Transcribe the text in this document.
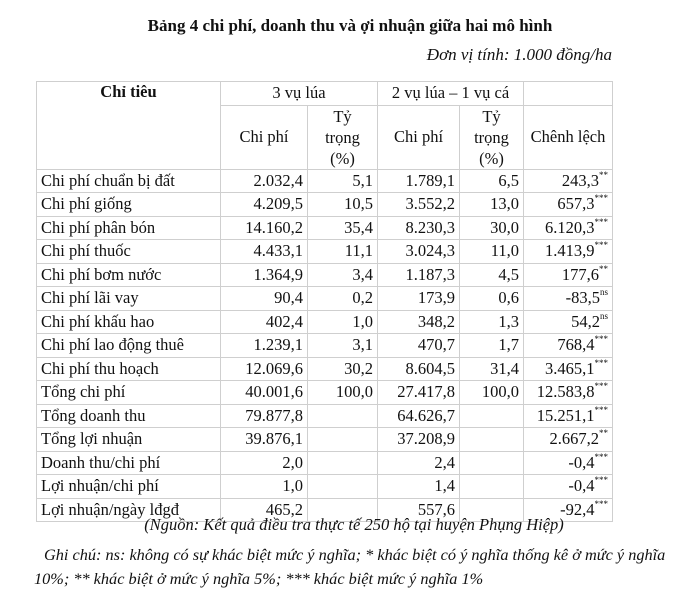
Bảng 4 chi phí, doanh thu và ợi nhuận giữa hai mô hình
Đơn vị tính: 1.000 đồng/ha
Chỉ tiêu	3 vụ lúa		2 vụ lúa – 1 vụ cá		
	Chi phí	Tỷ
trọng
(%)	Chi phí	Tỷ
trọng
(%)	Chênh lệch
Chi phí chuẩn bị đất	2.032,4	5,1	1.789,1	6,5	243,3**
Chi phí giống	4.209,5	10,5	3.552,2	13,0	657,3***
Chi phí phân bón	14.160,2	35,4	8.230,3	30,0	6.120,3***
Chi phí thuốc	4.433,1	11,1	3.024,3	11,0	1.413,9***
Chi phí bơm nước	1.364,9	3,4	1.187,3	4,5	177,6**
Chi phí lãi vay	90,4	0,2	173,9	0,6	$-83,5^{ns}$
Chi phí khấu hao	402,4	1,0	348,2	1,3	$54,2^{ns}$
Chi phí lao động thuê	1.239,1	3,1	470,7	1,7	768,4***
Chi phí thu hoạch	12.069,6	30,2	8.604,5	31,4	3.465,1***
Tổng chi phí	40.001,6	100,0	27.417,8	100,0	12.583,8***
Tổng doanh thu	79.877,8		64.626,7		15.251,1***
Tổng lợi nhuận	39.876,1		37.208,9		2.667,2**
Doanh thu/chi phí	2,0		2,4		-0,4***
Lợi nhuận/chi phí	1,0		1,4		-0,4***
Lợi nhuận/ngày lđgđ	465,2		557,6		-92,4***
(Nguồn: Kết quả điều tra thực tế 250 hộ tại huyện Phụng Hiệp)
Ghi chú: ns: không có sự khác biệt mức ý nghĩa; * khác biệt có ý nghĩa thống kê ở mức ý nghĩa 10%; ** khác biệt ở mức ý nghĩa 5%; *** khác biệt mức ý nghĩa 1%
